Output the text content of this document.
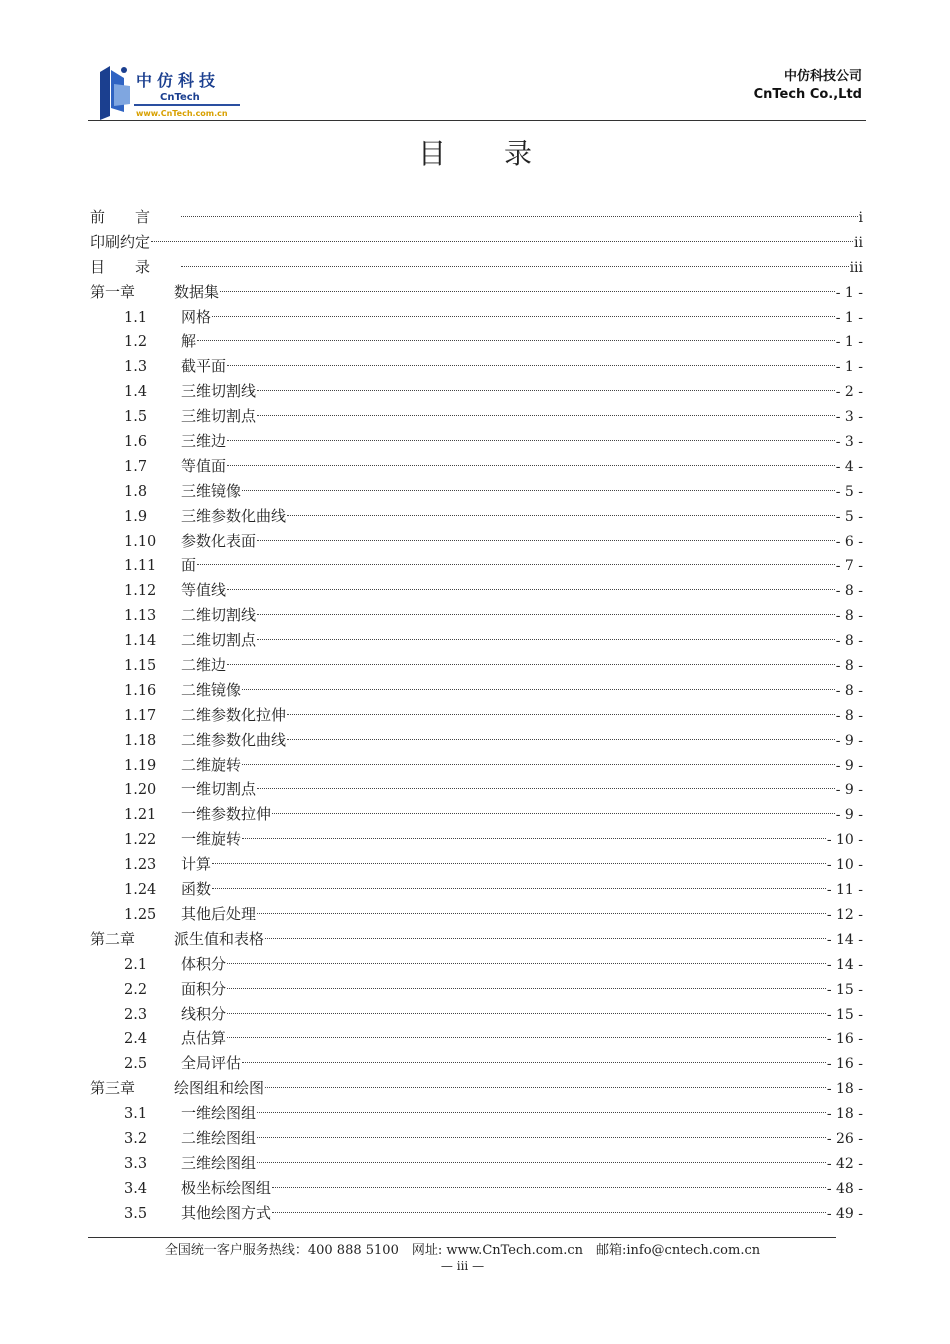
中仿科技
CnTech
www.CnTech.com.cn
中仿科技公司
CnTech Co.,Ltd
目录
前言	i
印刷约定	ii
目录	iii
第一章	数据集	- 1 -
1.1	网格	- 1 -
1.2	解	- 1 -
1.3	截平面	- 1 -
1.4	三维切割线	- 2 -
1.5	三维切割点	- 3 -
1.6	三维边	- 3 -
1.7	等值面	- 4 -
1.8	三维镜像	- 5 -
1.9	三维参数化曲线	- 5 -
1.10	参数化表面	- 6 -
1.11	面	- 7 -
1.12	等值线	- 8 -
1.13	二维切割线	- 8 -
1.14	二维切割点	- 8 -
1.15	二维边	- 8 -
1.16	二维镜像	- 8 -
1.17	二维参数化拉伸	- 8 -
1.18	二维参数化曲线	- 9 -
1.19	二维旋转	- 9 -
1.20	一维切割点	- 9 -
1.21	一维参数拉伸	- 9 -
1.22	一维旋转	- 10 -
1.23	计算	- 10 -
1.24	函数	- 11 -
1.25	其他后处理	- 12 -
第二章	派生值和表格	- 14 -
2.1	体积分	- 14 -
2.2	面积分	- 15 -
2.3	线积分	- 15 -
2.4	点估算	- 16 -
2.5	全局评估	- 16 -
第三章	绘图组和绘图	- 18 -
3.1	一维绘图组	- 18 -
3.2	二维绘图组	- 26 -
3.3	三维绘图组	- 42 -
3.4	极坐标绘图组	- 48 -
3.5	其他绘图方式	- 49 -
全国统一客户服务热线：400 888 5100　网址: www.CnTech.com.cn　邮箱:info@cntech.com.cn
— iii —
